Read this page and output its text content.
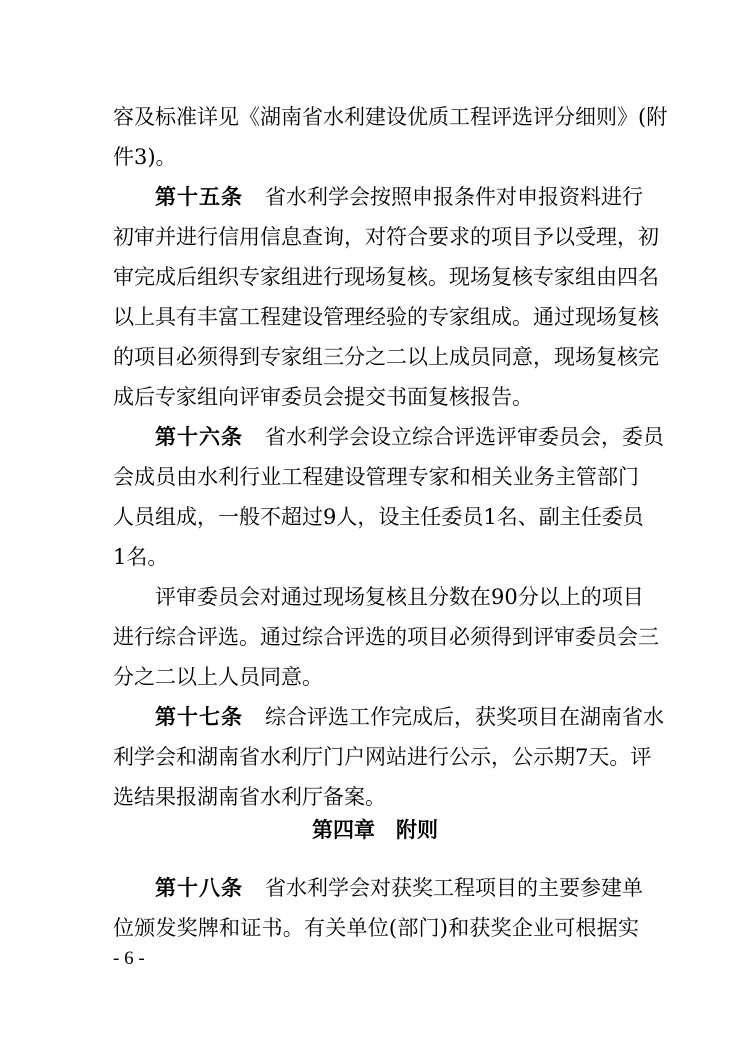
容及标准详见《湖南省水利建设优质工程评选评分细则》(附

件3)。

第十五条 省水利学会按照申报条件对申报资料进行

初审并进行信用信息查询，对符合要求的项目予以受理，初

审完成后组织专家组进行现场复核。现场复核专家组由四名

以上具有丰富工程建设管理经验的专家组成。通过现场复核

的项目必须得到专家组三分之二以上成员同意，现场复核完

成后专家组向评审委员会提交书面复核报告。

第十六条 省水利学会设立综合评选评审委员会，委员

会成员由水利行业工程建设管理专家和相关业务主管部门

人员组成，一般不超过9人，设主任委员1名、副主任委员

1名。

评审委员会对通过现场复核且分数在90分以上的项目

进行综合评选。通过综合评选的项目必须得到评审委员会三

分之二以上人员同意。

第十七条 综合评选工作完成后，获奖项目在湖南省水

利学会和湖南省水利厅门户网站进行公示，公示期7天。评

选结果报湖南省水利厅备案。

第四章　附则

第十八条 省水利学会对获奖工程项目的主要参建单

位颁发奖牌和证书。有关单位(部门)和获奖企业可根据实

- 6 -
